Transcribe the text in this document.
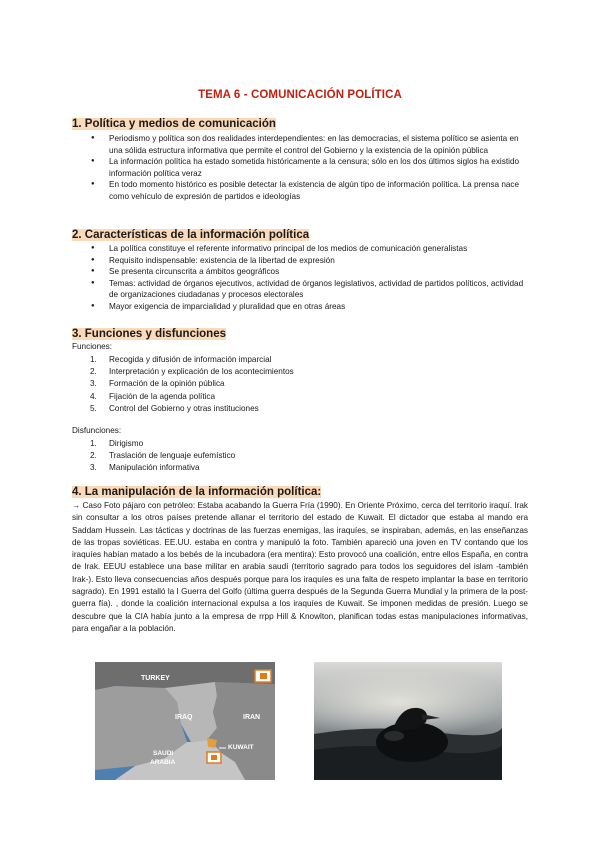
TEMA 6 - COMUNICACIÓN POLÍTICA
1. Política y medios de comunicación
● Periodismo y política son dos realidades interdependientes: en las democracias, el sistema político se asienta en una sólida estructura informativa que permite el control del Gobierno y la existencia de la opinión pública
● La información política ha estado sometida históricamente a la censura; sólo en los dos últimos siglos ha existido información política veraz
● En todo momento histórico es posible detectar la existencia de algún tipo de información política. La prensa nace como vehículo de expresión de partidos e ideologías
2. Características de la información política
● La política constituye el referente informativo principal de los medios de comunicación generalistas
● Requisito indispensable: existencia de la libertad de expresión
● Se presenta circunscrita a ámbitos geográficos
● Temas: actividad de órganos ejecutivos, actividad de órganos legislativos, actividad de partidos políticos, actividad de organizaciones ciudadanas y procesos electorales
● Mayor exigencia de imparcialidad y pluralidad que en otras áreas
3. Funciones y disfunciones

Funciones:

1. Recogida y difusión de información imparcial
2. Interpretación y explicación de los acontecimientos
3. Formación de la opinión pública
4. Fijación de la agenda política
5. Control del Gobierno y otras instituciones

Disfunciones:

1. Dirigismo
2. Traslación de lenguaje eufemístico
3. Manipulación informativa
4. La manipulación de la información política:

→ Caso Foto pájaro con petróleo: Estaba acabando la Guerra Fría (1990). En Oriente Próximo, cerca del territorio iraquí. Irak sin consultar a los otros países pretende allanar el territorio del estado de Kuwait. El dictador que estaba al mando era Saddam Hussein. Las tácticas y doctrinas de las fuerzas enemigas, las iraquíes, se inspiraban, además, en las enseñanzas de las tropas soviéticas. EE.UU. estaba en contra y manipuló la foto. También apareció una joven en TV contando que los iraquíes habían matado a los bebés de la incubadora (era mentira): Esto provocó una coalición, entre ellos España, en contra de Irak. EEUU establece una base militar en arabia saudí (territorio sagrado para todos los seguidores del islam -también Irak-). Esto lleva consecuencias años después porque para los iraquíes es una falta de respeto implantar la base en territorio sagrado). En 1991 estalló la I Guerra del Golfo (última guerra después de la Segunda Guerra Mundial y la primera de la post-guerra fía). , donde la coalición internacional expulsa a los iraquíes de Kuwait. Se imponen medidas de presión. Luego se descubre que la CIA había junto a la empresa de rrpp Hill & Knowlton, planifican todas estas manipulaciones informativas, para engañar a la población.

TURKEY
IRAQ	IRAN
KUWAIT
SAUDI
ARABIA
